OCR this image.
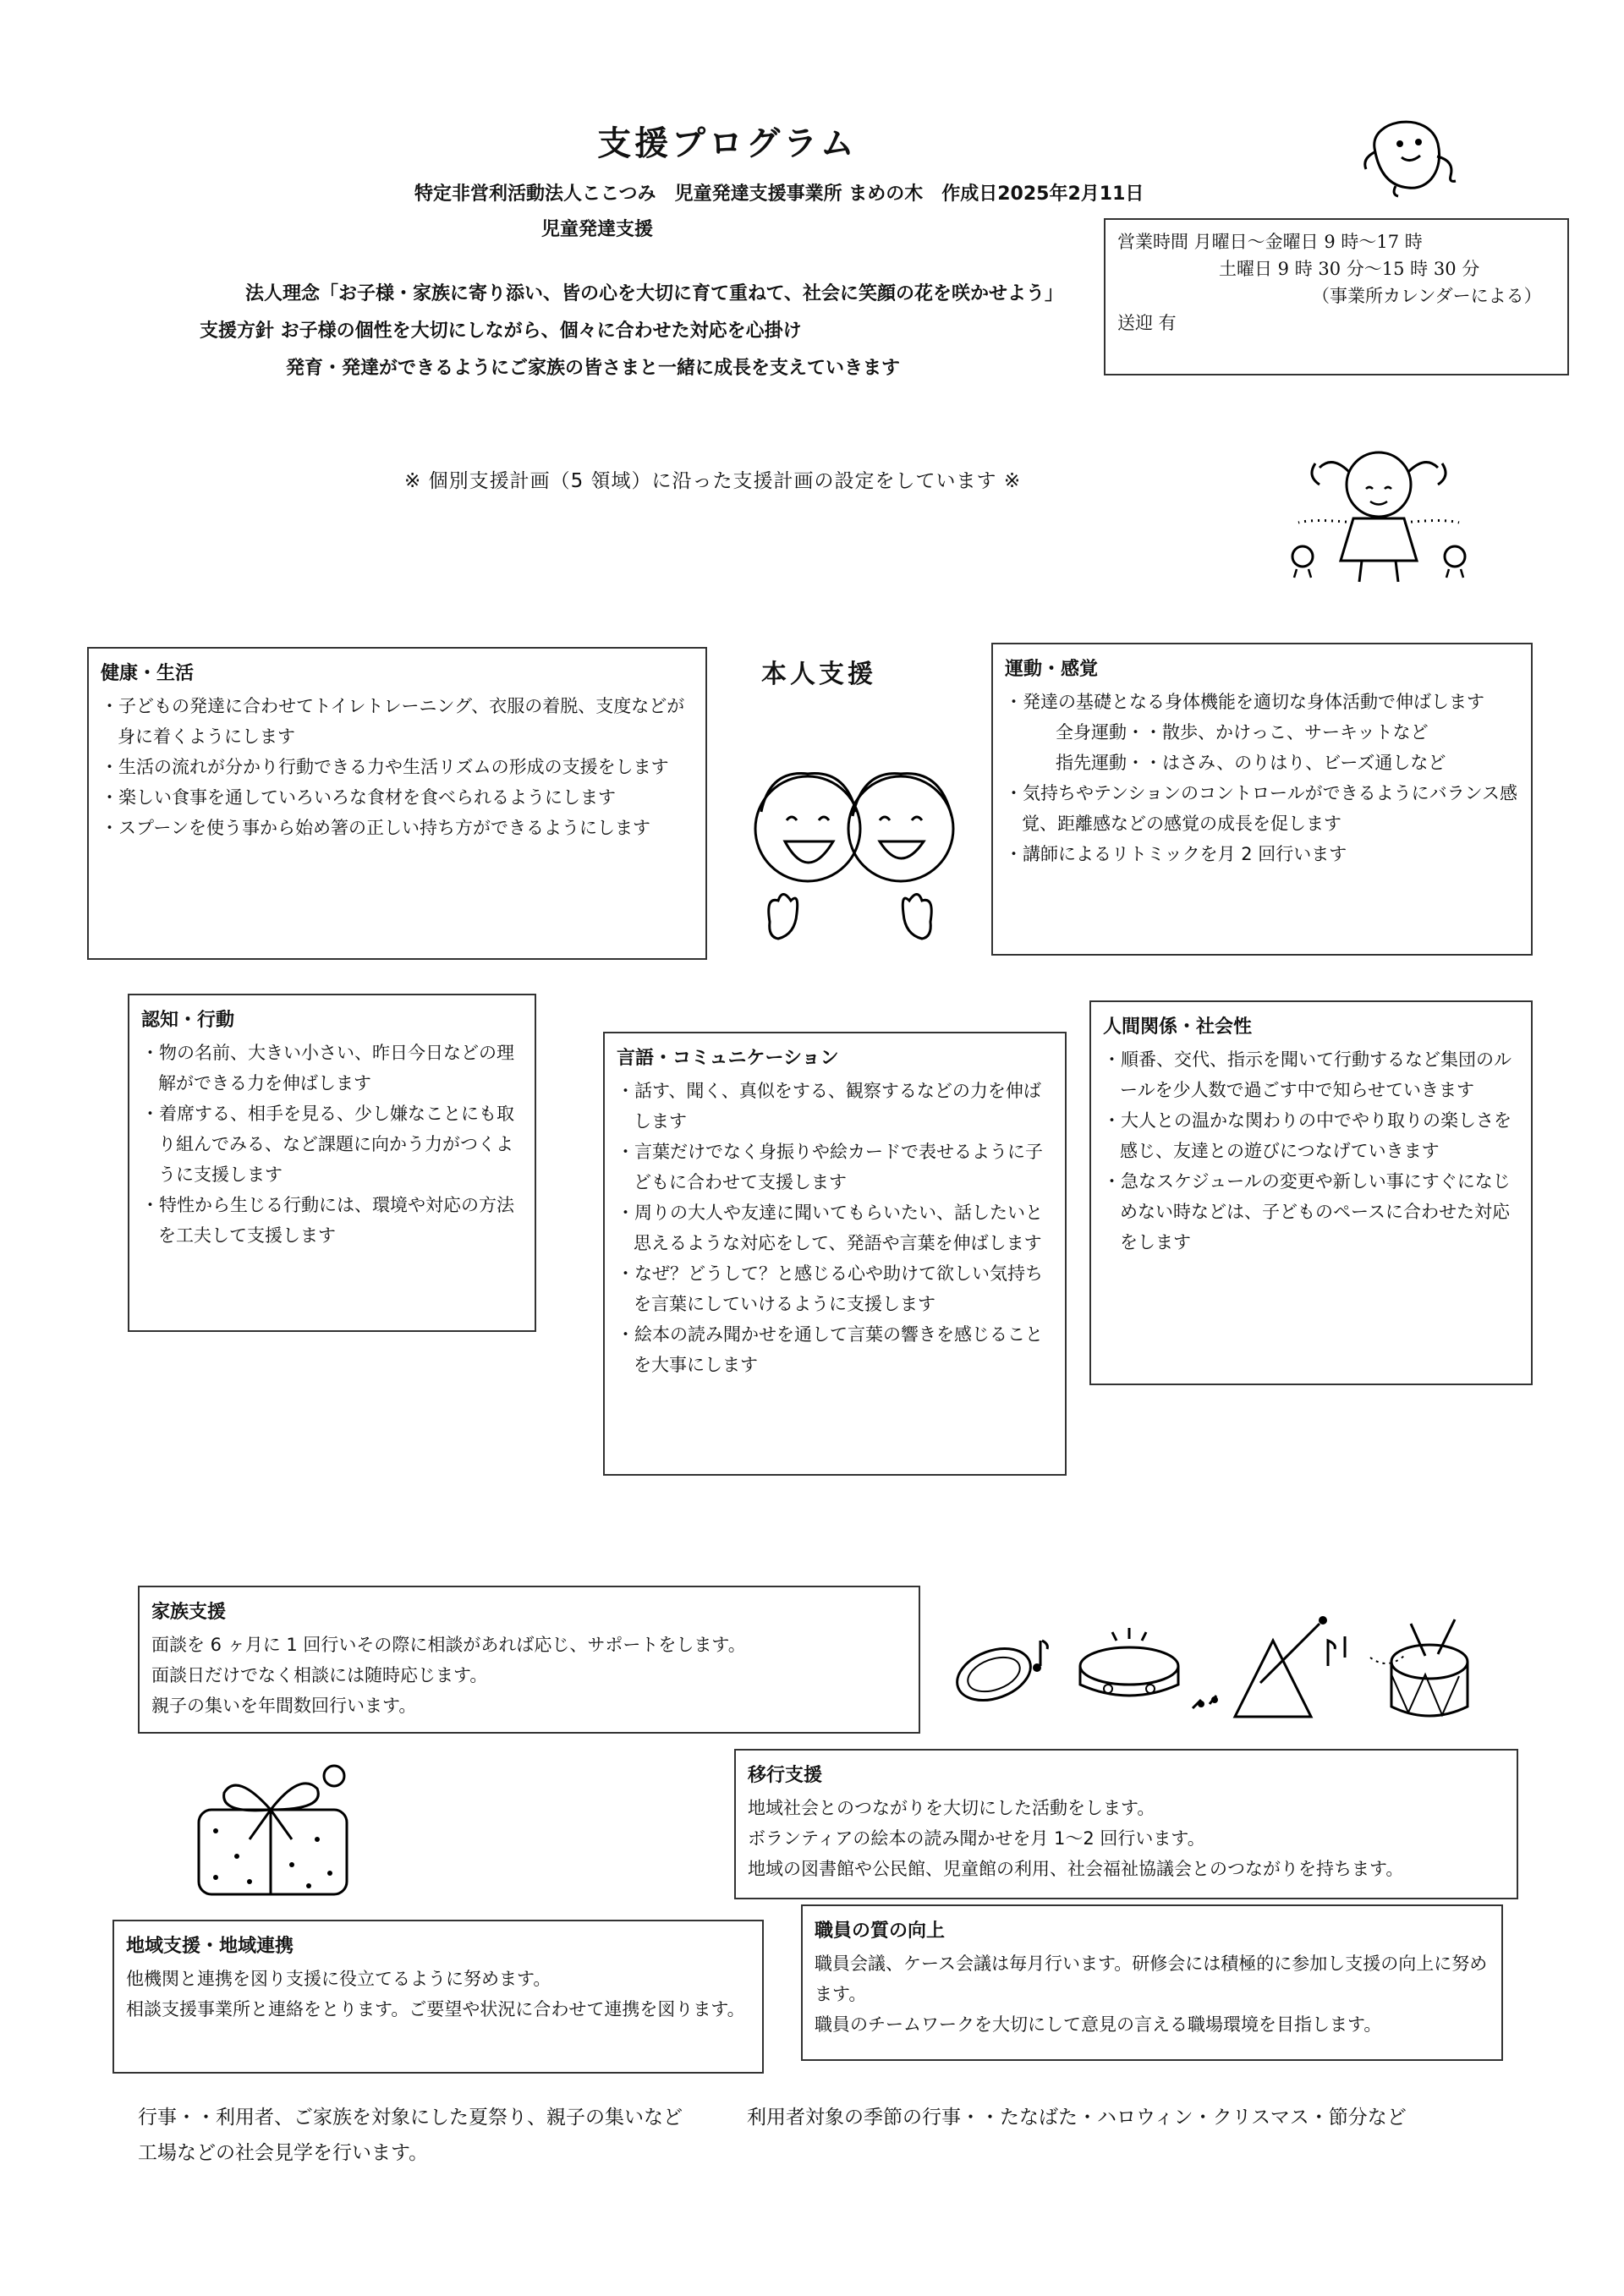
支援プログラム
特定非営利活動法人ここつみ 児童発達支援事業所 まめの木 作成日2025年2月11日
児童発達支援
法人理念「お子様・家族に寄り添い、皆の心を大切に育て重ねて、社会に笑顔の花を咲かせよう」
支援方針 お子様の個性を大切にしながら、個々に合わせた対応を心掛け
発育・発達ができるようにご家族の皆さまと一緒に成長を支えていきます
営業時間 月曜日～金曜日 9 時～17 時
土曜日 9 時 30 分～15 時 30 分
（事業所カレンダーによる）
送迎 有
※ 個別支援計画（5 領域）に沿った支援計画の設定をしています ※
健康・生活
・子どもの発達に合わせてトイレトレーニング、衣服の着脱、支度などが身に着くようにします
・生活の流れが分かり行動できる力や生活リズムの形成の支援をします
・楽しい食事を通していろいろな食材を食べられるようにします
・スプーンを使う事から始め箸の正しい持ち方ができるようにします
本人支援	運動・感覚
・発達の基礎となる身体機能を適切な身体活動で伸ばします
全身運動・・散歩、かけっこ、サーキットなど
指先運動・・はさみ、のりはり、ビーズ通しなど
・気持ちやテンションのコントロールができるようにバランス感覚、距離感などの感覚の成長を促します
・講師によるリトミックを月 2 回行います
認知・行動
・物の名前、大きい小さい、昨日今日などの理解ができる力を伸ばします
・着席する、相手を見る、少し嫌なことにも取り組んでみる、など課題に向かう力がつくように支援します
・特性から生じる行動には、環境や対応の方法を工夫して支援します
言語・コミュニケーション
・話す、聞く、真似をする、観察するなどの力を伸ばします
・言葉だけでなく身振りや絵カードで表せるように子どもに合わせて支援します
・周りの大人や友達に聞いてもらいたい、話したいと思えるような対応をして、発語や言葉を伸ばします
・なぜ？どうして？と感じる心や助けて欲しい気持ちを言葉にしていけるように支援します
・絵本の読み聞かせを通して言葉の響きを感じることを大事にします
人間関係・社会性
・順番、交代、指示を聞いて行動するなど集団のルールを少人数で過ごす中で知らせていきます
・大人との温かな関わりの中でやり取りの楽しさを感じ、友達との遊びにつなげていきます
・急なスケジュールの変更や新しい事にすぐになじめない時などは、子どものペースに合わせた対応をします
家族支援
面談を 6 ヶ月に 1 回行いその際に相談があれば応じ、サポートをします。
面談日だけでなく相談には随時応じます。
親子の集いを年間数回行います。
移行支援
地域社会とのつながりを大切にした活動をします。
ボランティアの絵本の読み聞かせを月 1～2 回行います。
地域の図書館や公民館、児童館の利用、社会福祉協議会とのつながりを持ちます。
地域支援・地域連携
他機関と連携を図り支援に役立てるように努めます。
相談支援事業所と連絡をとります。ご要望や状況に合わせて連携を図ります。
職員の質の向上
職員会議、ケース会議は毎月行います。研修会には積極的に参加し支援の向上に努めます。
職員のチームワークを大切にして意見の言える職場環境を目指します。
行事・・利用者、ご家族を対象にした夏祭り、親子の集いなど	利用者対象の季節の行事・・たなばた・ハロウィン・クリスマス・節分など
工場などの社会見学を行います。
